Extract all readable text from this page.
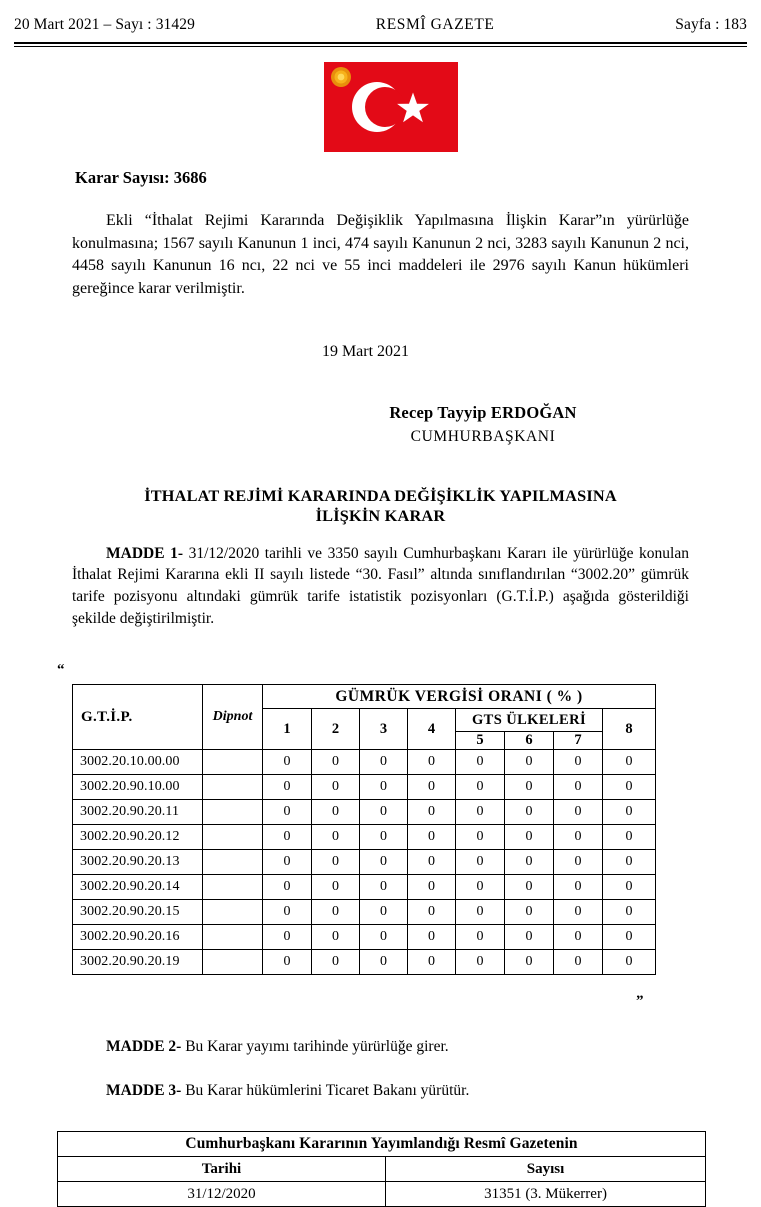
20 Mart 2021 – Sayı : 31429	RESMÎ GAZETE	Sayfa : 183
Karar Sayısı: 3686

Ekli “İthalat Rejimi Kararında Değişiklik Yapılmasına İlişkin Karar”ın yürürlüğe konulmasına; 1567 sayılı Kanunun 1 inci, 474 sayılı Kanunun 2 nci, 3283 sayılı Kanunun 2 nci, 4458 sayılı Kanunun 16 ncı, 22 nci ve 55 inci maddeleri ile 2976 sayılı Kanun hükümleri gereğince karar verilmiştir.

19 Mart 2021
Recep Tayyip ERDOĞAN
CUMHURBAŞKANI
İTHALAT REJİMİ KARARINDA DEĞİŞİKLİK YAPILMASINA
İLİŞKİN KARAR

MADDE 1- 31/12/2020 tarihli ve 3350 sayılı Cumhurbaşkanı Kararı ile yürürlüğe konulan İthalat Rejimi Kararına ekli II sayılı listede “30. Fasıl” altında sınıflandırılan “3002.20” gümrük tarife pozisyonu altındaki gümrük tarife istatistik pozisyonları (G.T.İ.P.) aşağıda gösterildiği şekilde değiştirilmiştir.

“
”
G.T.İ.P.	Dipnot	GÜMRÜK VERGİSİ ORANI ( % )							
		1	2	3	4	GTS ÜLKELERİ			8
						5	6	7	
3002.20.10.00.00		0	0	0	0	0	0	0	0
3002.20.90.10.00		0	0	0	0	0	0	0	0
3002.20.90.20.11		0	0	0	0	0	0	0	0
3002.20.90.20.12		0	0	0	0	0	0	0	0
3002.20.90.20.13		0	0	0	0	0	0	0	0
3002.20.90.20.14		0	0	0	0	0	0	0	0
3002.20.90.20.15		0	0	0	0	0	0	0	0
3002.20.90.20.16		0	0	0	0	0	0	0	0
3002.20.90.20.19		0	0	0	0	0	0	0	0

MADDE 2- Bu Karar yayımı tarihinde yürürlüğe girer.

MADDE 3- Bu Karar hükümlerini Ticaret Bakanı yürütür.

Cumhurbaşkanı Kararının Yayımlandığı Resmî Gazetenin	
Tarihi	Sayısı
31/12/2020	31351 (3. Mükerrer)
